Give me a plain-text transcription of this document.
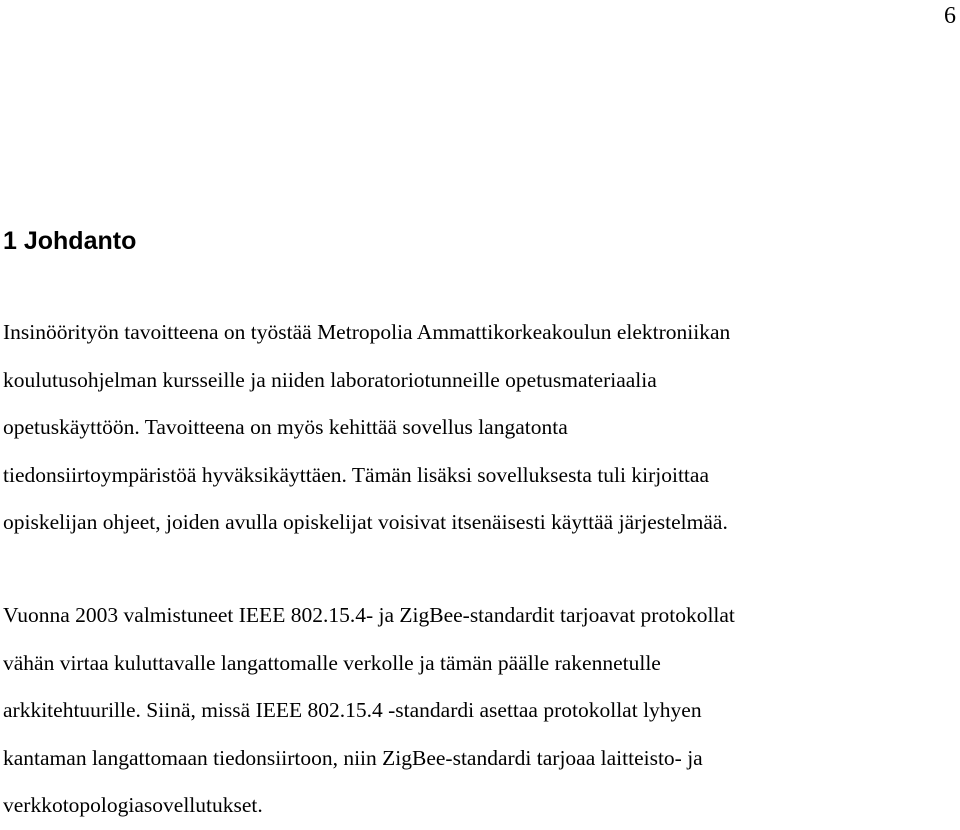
6
1 Johdanto

Insinöörityön tavoitteena on työstää Metropolia Ammattikorkeakoulun elektroniikan
koulutusohjelman kursseille ja niiden laboratoriotunneille opetusmateriaalia
opetuskäyttöön. Tavoitteena on myös kehittää sovellus langatonta
tiedonsiirtoympäristöä hyväksikäyttäen. Tämän lisäksi sovelluksesta tuli kirjoittaa
opiskelijan ohjeet, joiden avulla opiskelijat voisivat itsenäisesti käyttää järjestelmää.

Vuonna 2003 valmistuneet IEEE 802.15.4- ja ZigBee-standardit tarjoavat protokollat
vähän virtaa kuluttavalle langattomalle verkolle ja tämän päälle rakennetulle
arkkitehtuurille. Siinä, missä IEEE 802.15.4 -standardi asettaa protokollat lyhyen
kantaman langattomaan tiedonsiirtoon, niin ZigBee-standardi tarjoaa laitteisto- ja
verkkotopologiasovellutukset.
